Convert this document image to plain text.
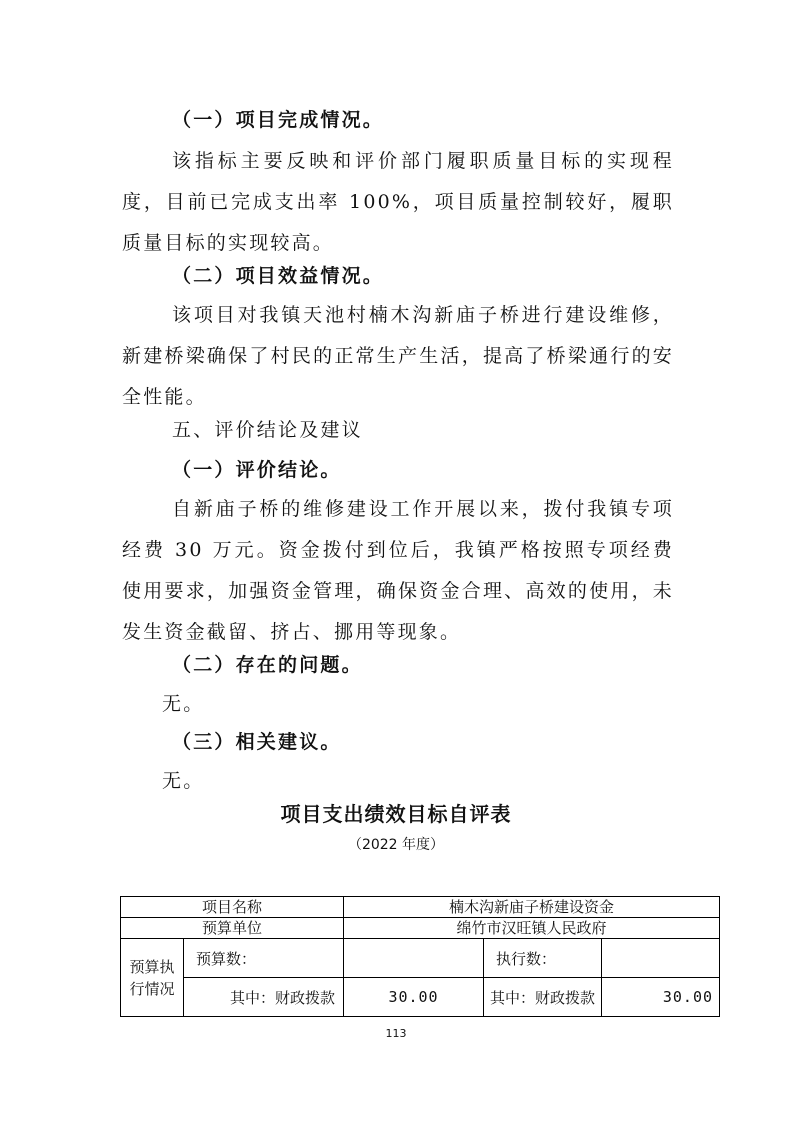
（一）项目完成情况。

该指标主要反映和评价部门履职质量目标的实现程度，目前已完成支出率 100%，项目质量控制较好，履职质量目标的实现较高。

（二）项目效益情况。

该项目对我镇天池村楠木沟新庙子桥进行建设维修，新建桥梁确保了村民的正常生产生活，提高了桥梁通行的安全性能。

五、评价结论及建议

（一）评价结论。

自新庙子桥的维修建设工作开展以来，拨付我镇专项经费 30 万元。资金拨付到位后，我镇严格按照专项经费使用要求，加强资金管理，确保资金合理、高效的使用，未发生资金截留、挤占、挪用等现象。

（二）存在的问题。

无。

（三）相关建议。

无。

项目支出绩效目标自评表
（2022 年度）
项目名称		楠木沟新庙子桥建设资金		
预算单位		绵竹市汉旺镇人民政府		
预算执行情况	预算数：		执行数：	
	其中：财政拨款	30.00	其中：财政拨款	30.00
113
